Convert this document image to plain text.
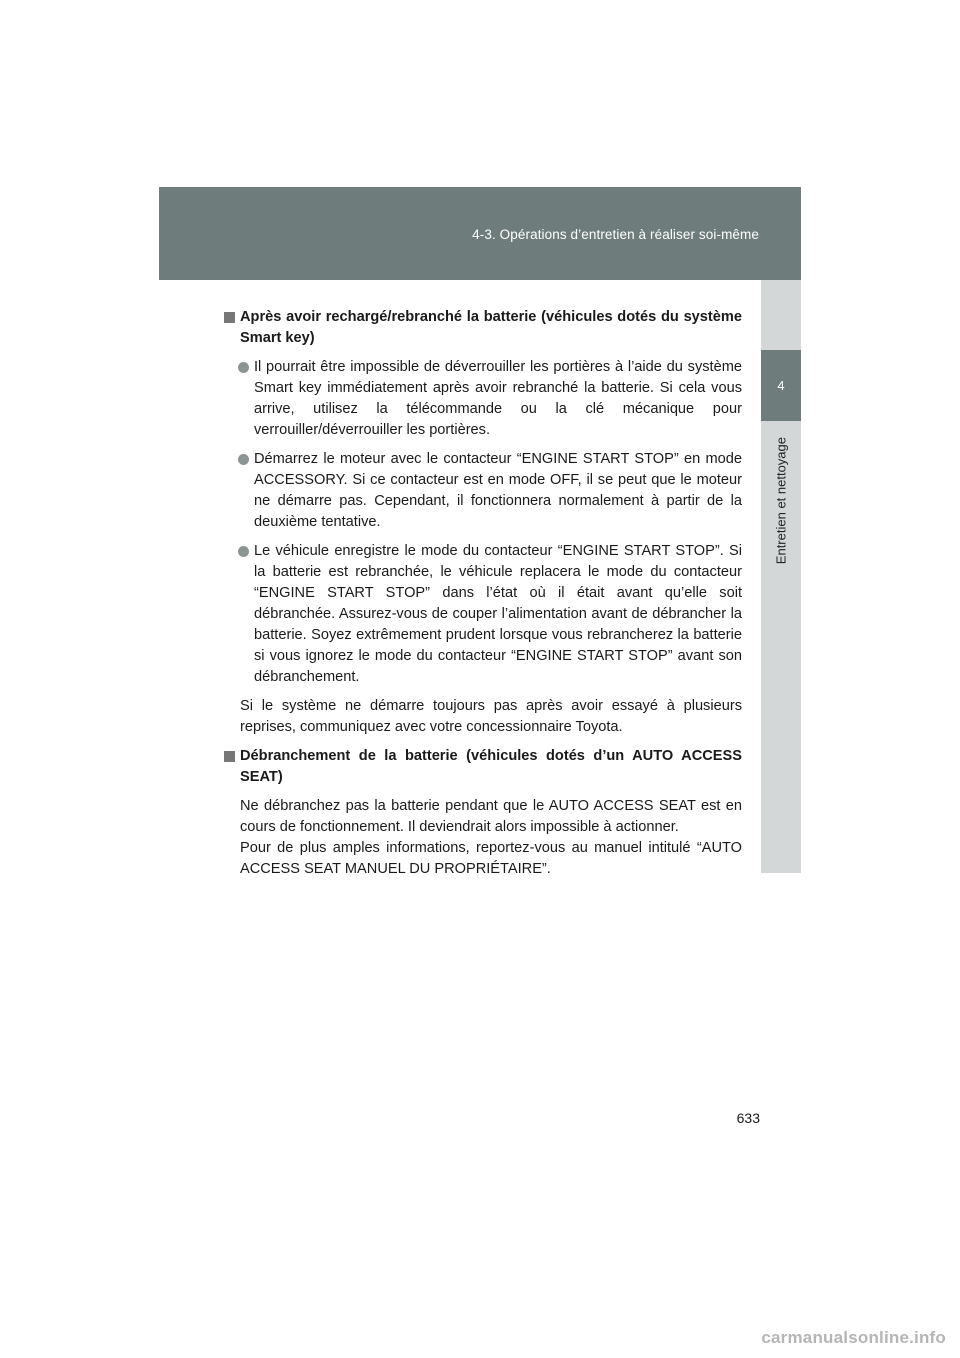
4-3. Opérations d’entretien à réaliser soi-même
4
Entretien et nettoyage
Après avoir rechargé/rebranché la batterie (véhicules dotés du système Smart key)
Il pourrait être impossible de déverrouiller les portières à l’aide du système Smart key immédiatement après avoir rebranché la batterie. Si cela vous arrive, utilisez la télécommande ou la clé mécanique pour verrouiller/déverrouiller les portières.
Démarrez le moteur avec le contacteur “ENGINE START STOP” en mode ACCESSORY. Si ce contacteur est en mode OFF, il se peut que le moteur ne démarre pas. Cependant, il fonctionnera normalement à partir de la deuxième tentative.
Le véhicule enregistre le mode du contacteur “ENGINE START STOP”. Si la batterie est rebranchée, le véhicule replacera le mode du contacteur “ENGINE START STOP” dans l’état où il était avant qu’elle soit débranchée. Assurez-vous de couper l’alimentation avant de débrancher la batterie. Soyez extrêmement prudent lorsque vous rebrancherez la batterie si vous ignorez le mode du contacteur “ENGINE START STOP” avant son débranchement.

Si le système ne démarre toujours pas après avoir essayé à plusieurs reprises, communiquez avec votre concessionnaire Toyota.

Débranchement de la batterie (véhicules dotés d’un AUTO ACCESS SEAT)

Ne débranchez pas la batterie pendant que le AUTO ACCESS SEAT est en cours de fonctionnement. Il deviendrait alors impossible à actionner.

Pour de plus amples informations, reportez-vous au manuel intitulé “AUTO ACCESS SEAT MANUEL DU PROPRIÉTAIRE”.

633
carmanualsonline.info
